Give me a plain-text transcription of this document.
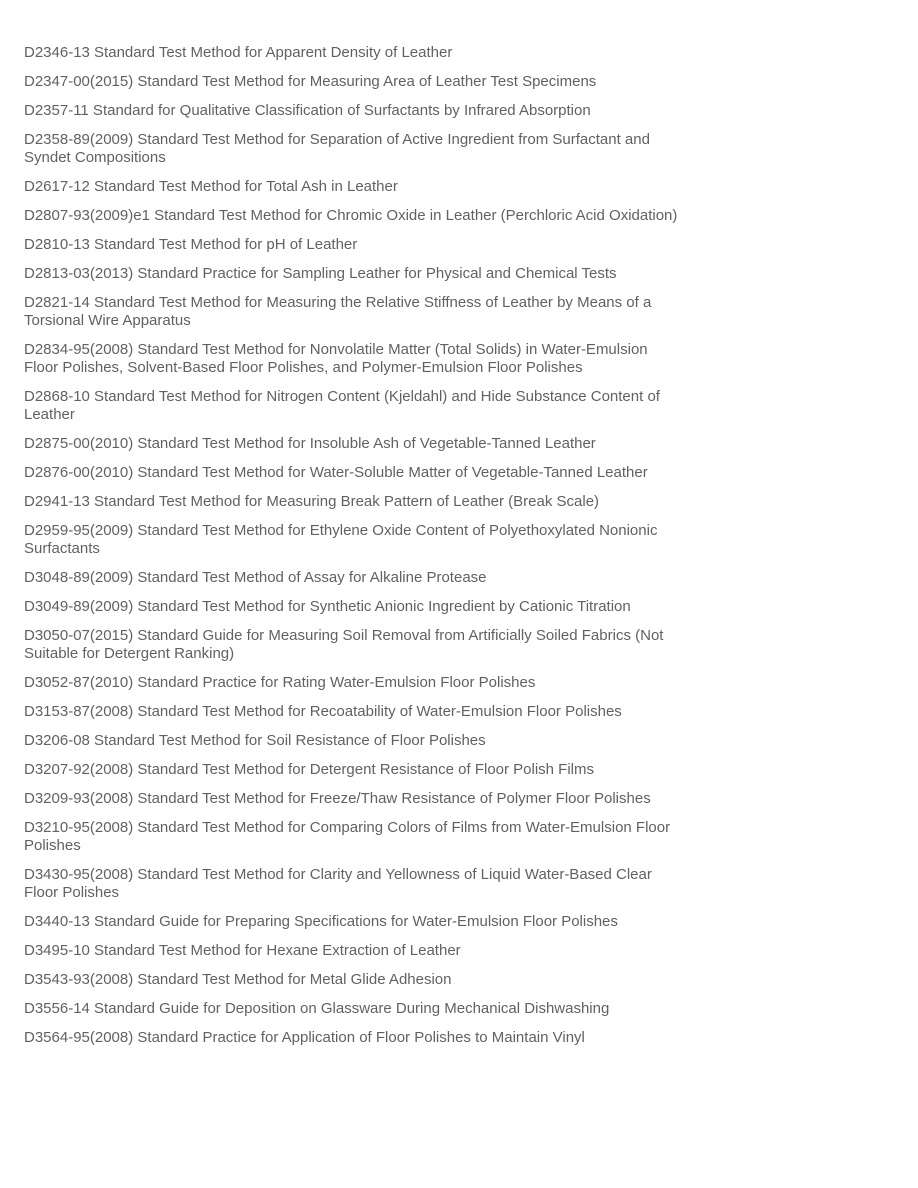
D2346-13 Standard Test Method for Apparent Density of Leather

D2347-00(2015) Standard Test Method for Measuring Area of Leather Test Specimens

D2357-11 Standard for Qualitative Classification of Surfactants by Infrared Absorption

D2358-89(2009) Standard Test Method for Separation of Active Ingredient from Surfactant and Syndet Compositions

D2617-12 Standard Test Method for Total Ash in Leather

D2807-93(2009)e1 Standard Test Method for Chromic Oxide in Leather (Perchloric Acid Oxidation)

D2810-13 Standard Test Method for pH of Leather

D2813-03(2013) Standard Practice for Sampling Leather for Physical and Chemical Tests

D2821-14 Standard Test Method for Measuring the Relative Stiffness of Leather by Means of a Torsional Wire Apparatus

D2834-95(2008) Standard Test Method for Nonvolatile Matter (Total Solids) in Water-Emulsion Floor Polishes, Solvent-Based Floor Polishes, and Polymer-Emulsion Floor Polishes

D2868-10 Standard Test Method for Nitrogen Content (Kjeldahl) and Hide Substance Content of Leather

D2875-00(2010) Standard Test Method for Insoluble Ash of Vegetable-Tanned Leather

D2876-00(2010) Standard Test Method for Water-Soluble Matter of Vegetable-Tanned Leather

D2941-13 Standard Test Method for Measuring Break Pattern of Leather (Break Scale)

D2959-95(2009) Standard Test Method for Ethylene Oxide Content of Polyethoxylated Nonionic Surfactants

D3048-89(2009) Standard Test Method of Assay for Alkaline Protease

D3049-89(2009) Standard Test Method for Synthetic Anionic Ingredient by Cationic Titration

D3050-07(2015) Standard Guide for Measuring Soil Removal from Artificially Soiled Fabrics (Not Suitable for Detergent Ranking)

D3052-87(2010) Standard Practice for Rating Water-Emulsion Floor Polishes

D3153-87(2008) Standard Test Method for Recoatability of Water-Emulsion Floor Polishes

D3206-08 Standard Test Method for Soil Resistance of Floor Polishes

D3207-92(2008) Standard Test Method for Detergent Resistance of Floor Polish Films

D3209-93(2008) Standard Test Method for Freeze/Thaw Resistance of Polymer Floor Polishes

D3210-95(2008) Standard Test Method for Comparing Colors of Films from Water-Emulsion Floor Polishes

D3430-95(2008) Standard Test Method for Clarity and Yellowness of Liquid Water-Based Clear Floor Polishes

D3440-13 Standard Guide for Preparing Specifications for Water-Emulsion Floor Polishes

D3495-10 Standard Test Method for Hexane Extraction of Leather

D3543-93(2008) Standard Test Method for Metal Glide Adhesion

D3556-14 Standard Guide for Deposition on Glassware During Mechanical Dishwashing

D3564-95(2008) Standard Practice for Application of Floor Polishes to Maintain Vinyl
